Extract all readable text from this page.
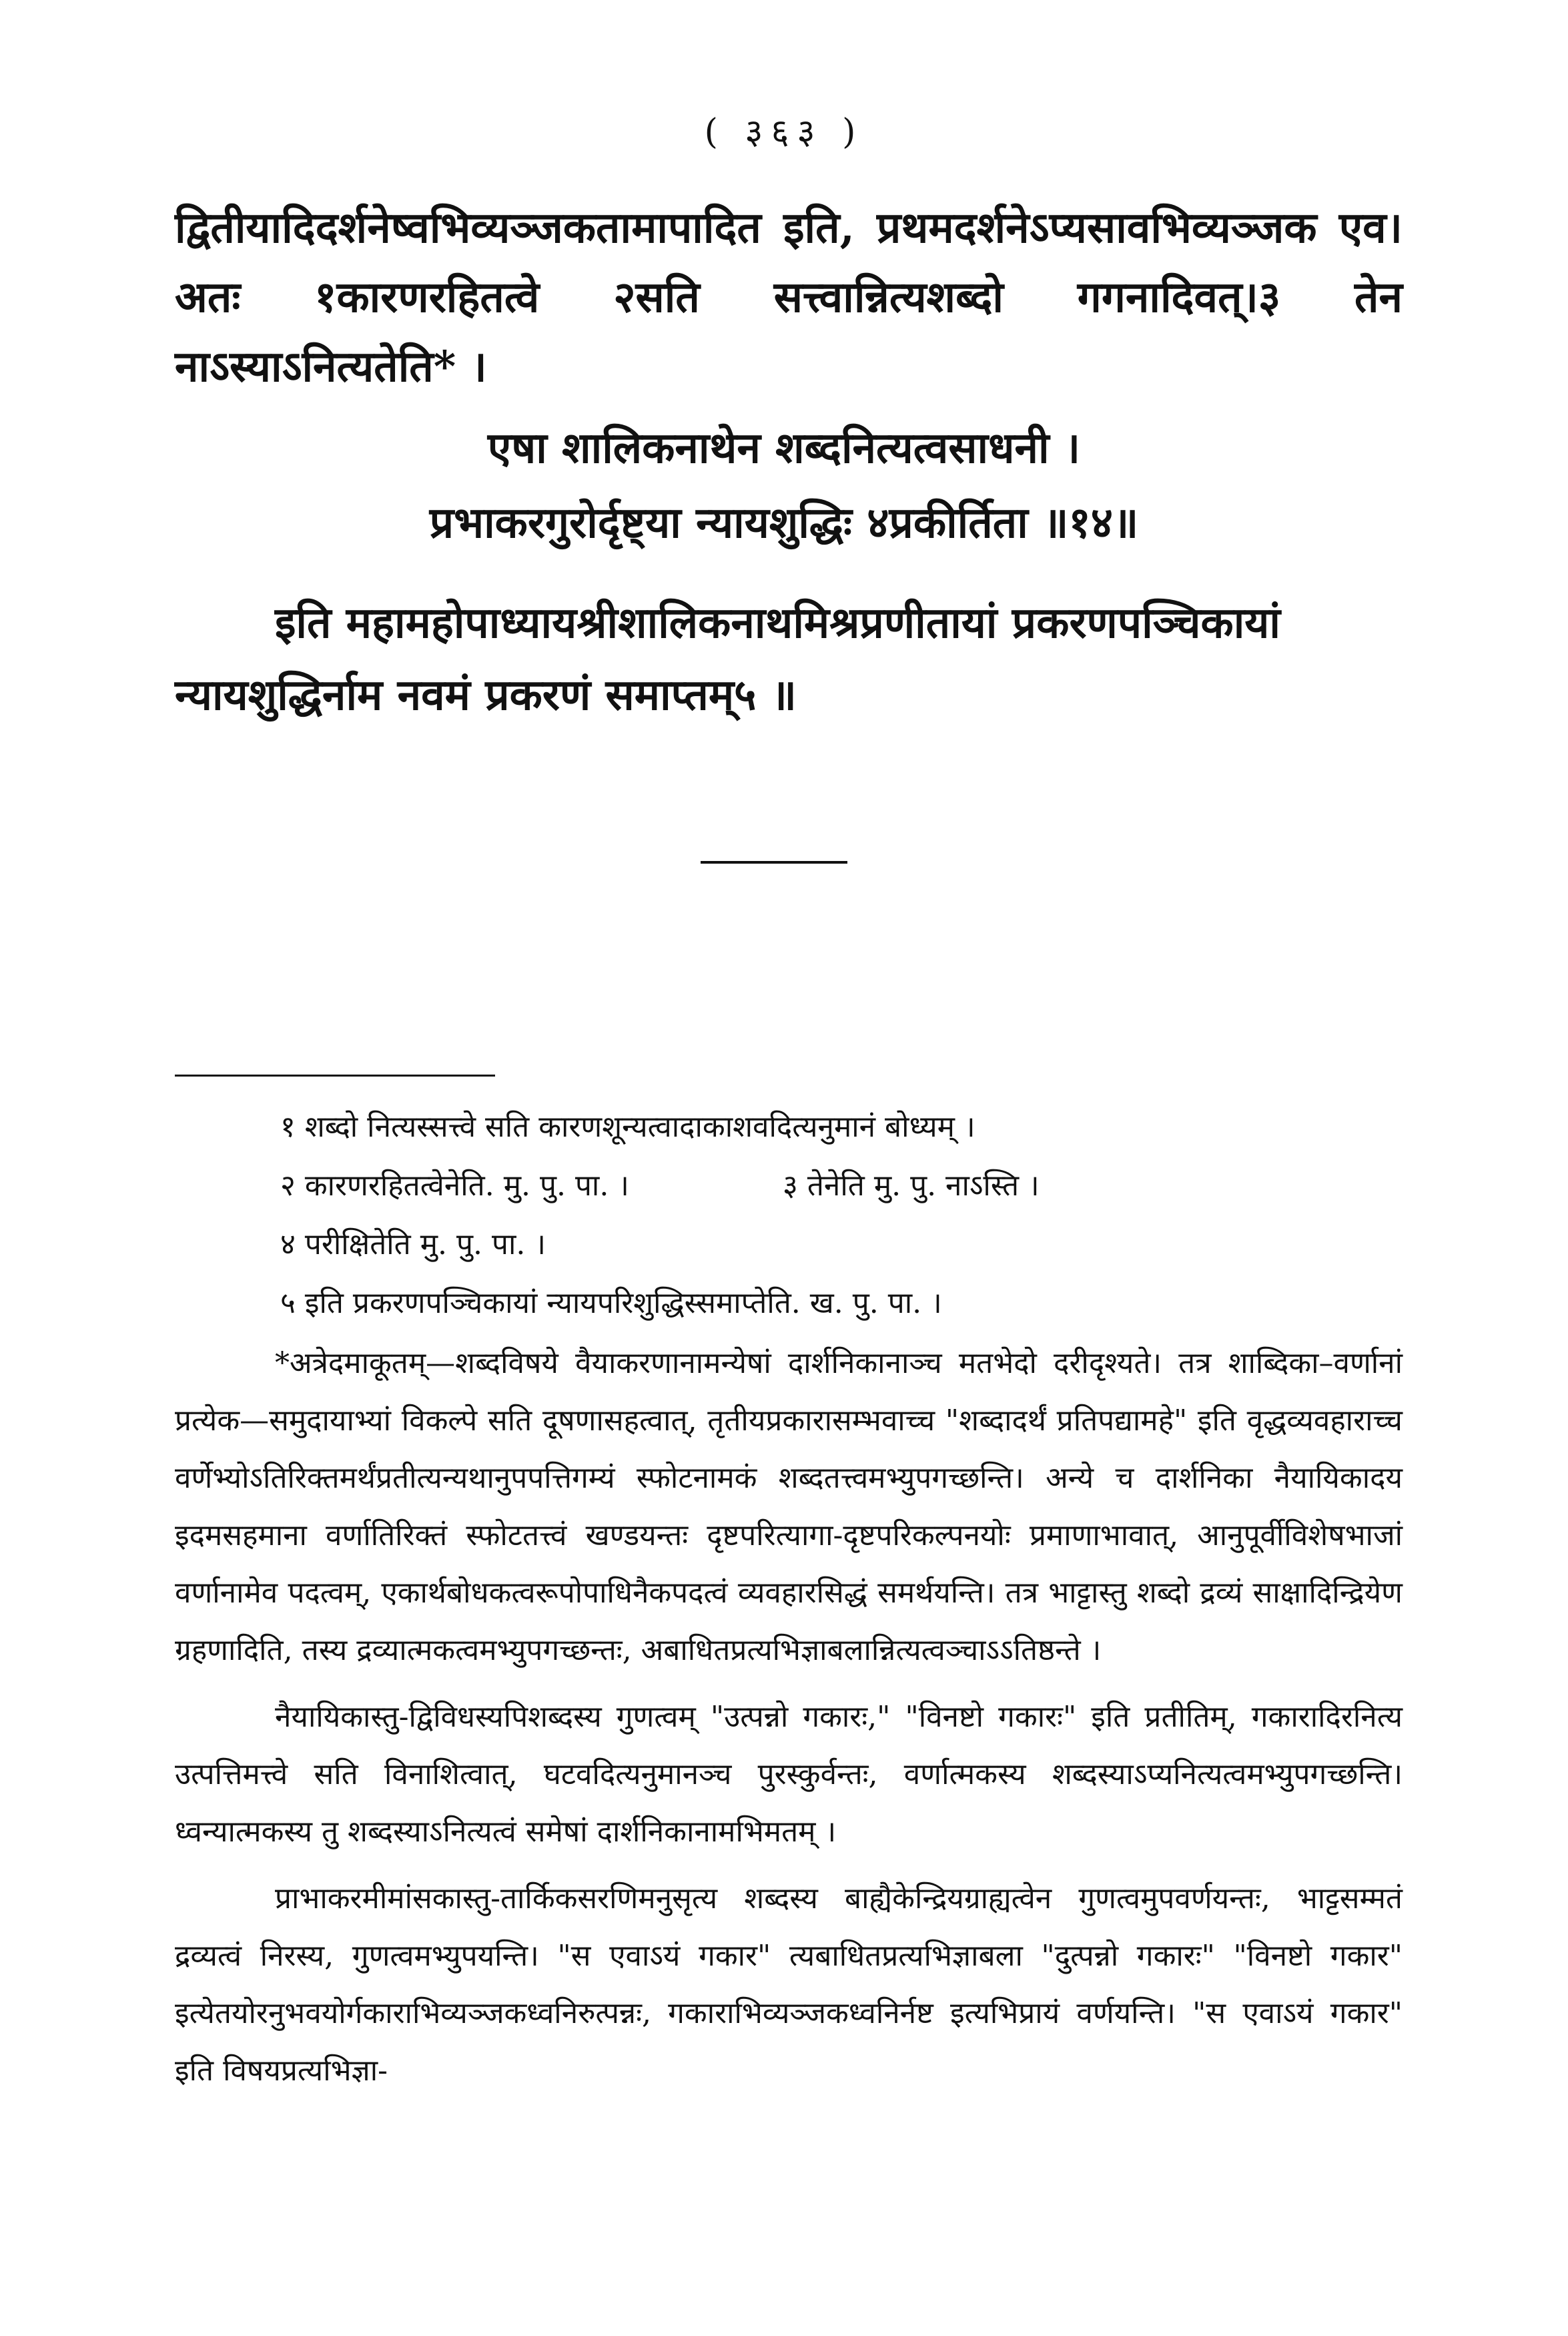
( ३६३ )

द्वितीयादिदर्शनेष्वभिव्यञ्जकतामापादित इति, प्रथमदर्शनेऽप्यसावभिव्यञ्जक एव। अतः १कारणरहितत्वे २सति सत्त्वान्नित्यशब्दो गगनादिवत्।३ तेन नाऽस्याऽनित्यतेति* ।

एषा शालिकनाथेन शब्दनित्यत्वसाधनी ।
प्रभाकरगुरोर्दृष्ट्या न्यायशुद्धिः ४प्रकीर्तिता ॥१४॥
इति महामहोपाध्यायश्रीशालिकनाथमिश्रप्रणीतायां प्रकरणपञ्चिकायां
न्यायशुद्धिर्नाम नवमं प्रकरणं समाप्तम्५ ॥
१ शब्दो नित्यस्सत्त्वे सति कारणशून्यत्वादाकाशवदित्यनुमानं बोध्यम् ।
२ कारणरहितत्वेनेति. मु. पु. पा. ।	३ तेनेति मु. पु. नाऽस्ति ।
४ परीक्षितेति मु. पु. पा. ।
५ इति प्रकरणपञ्चिकायां न्यायपरिशुद्धिस्समाप्तेति. ख. पु. पा. ।

*अत्रेदमाकूतम्—शब्दविषये वैयाकरणानामन्येषां दार्शनिकानाञ्च मतभेदो दरीदृश्यते। तत्र शाब्दिका–वर्णानां प्रत्येक—समुदायाभ्यां विकल्पे सति दूषणासहत्वात्, तृतीयप्रकारासम्भवाच्च "शब्दादर्थं प्रतिपद्यामहे" इति वृद्धव्यवहाराच्च वर्णेभ्योऽतिरिक्तमर्थंप्रतीत्यन्यथानुपपत्तिगम्यं स्फोटनामकं शब्दतत्त्वमभ्युपगच्छन्ति। अन्ये च दार्शनिका नैयायिकादय इदमसहमाना वर्णातिरिक्तं स्फोटतत्त्वं खण्डयन्तः दृष्टपरित्यागा-दृष्टपरिकल्पनयोः प्रमाणाभावात्, आनुपूर्वीविशेषभाजां वर्णानामेव पदत्वम्, एकार्थबोधकत्वरूपोपाधिनैकपदत्वं व्यवहारसिद्धं समर्थयन्ति। तत्र भाट्टास्तु शब्दो द्रव्यं साक्षादिन्द्रियेण ग्रहणादिति, तस्य द्रव्यात्मकत्वमभ्युपगच्छन्तः, अबाधितप्रत्यभिज्ञाबलान्नित्यत्वञ्चाऽऽतिष्ठन्ते ।

नैयायिकास्तु-द्विविधस्यपिशब्दस्य गुणत्वम् "उत्पन्नो गकारः," "विनष्टो गकारः" इति प्रतीतिम्, गकारादिरनित्य उत्पत्तिमत्त्वे सति विनाशित्वात्, घटवदित्यनुमानञ्च पुरस्कुर्वन्तः, वर्णात्मकस्य शब्दस्याऽप्यनित्यत्वमभ्युपगच्छन्ति। ध्वन्यात्मकस्य तु शब्दस्याऽनित्यत्वं समेषां दार्शनिकानामभिमतम् ।

प्राभाकरमीमांसकास्तु-तार्किकसरणिमनुसृत्य शब्दस्य बाह्यैकेन्द्रियग्राह्यत्वेन गुणत्वमुपवर्णयन्तः, भाट्टसम्मतं द्रव्यत्वं निरस्य, गुणत्वमभ्युपयन्ति। "स एवाऽयं गकार" त्यबाधितप्रत्यभिज्ञाबला "दुत्पन्नो गकारः" "विनष्टो गकार" इत्येतयोरनुभवयोर्गकाराभिव्यञ्जकध्वनिरुत्पन्नः, गकाराभिव्यञ्जकध्वनिर्नष्ट इत्यभिप्रायं वर्णयन्ति। "स एवाऽयं गकार" इति विषयप्रत्यभिज्ञा-
